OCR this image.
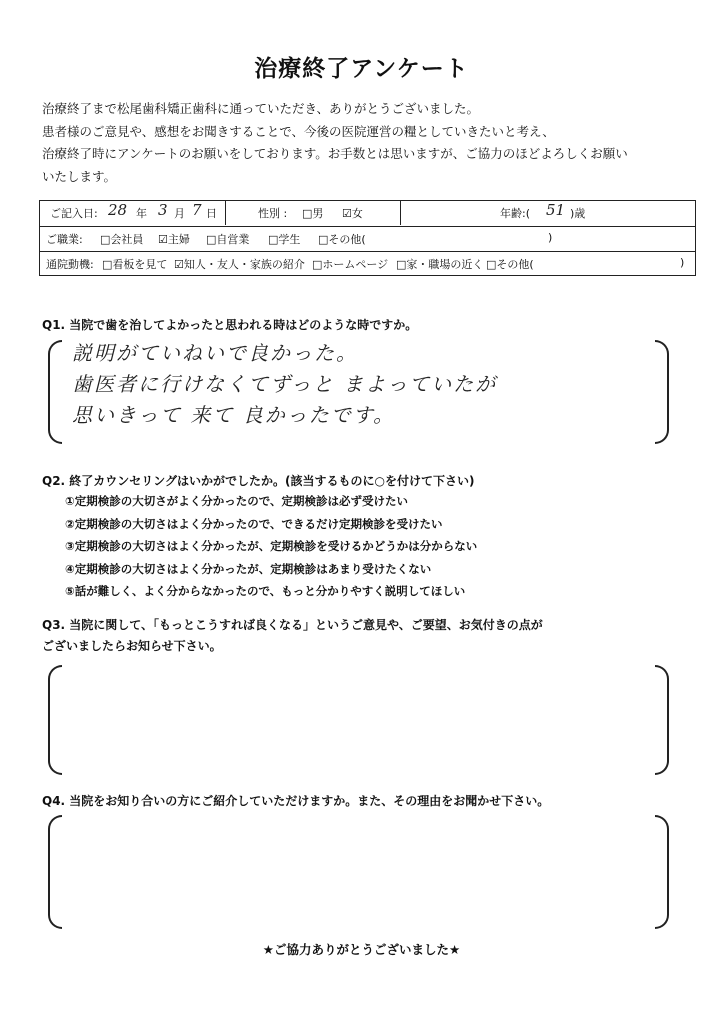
治療終了アンケート
治療終了まで松尾歯科矯正歯科に通っていただき、ありがとうございました。
患者様のご意見や、感想をお聞きすることで、今後の医院運営の糧としていきたいと考え、
治療終了時にアンケートのお願いをしております。お手数とは思いますが、ご協力のほどよろしくお願い
いたします。
ご記入日: 28 年 3 月 7 日	性別 : □男 ☑女	年齢:( 51 )歳
ご職業: □会社員 ☑主婦 □自営業 □学生 □その他(	)
通院動機: □看板を見て ☑知人・友人・家族の紹介 □ホームページ □家・職場の近く □その他(	)
Q1. 当院で歯を治してよかったと思われる時はどのような時ですか。
説明がていねいで良かった。
歯医者に行けなくてずっと まよっていたが
思いきって 来て 良かったです。
Q2. 終了カウンセリングはいかがでしたか。(該当するものに○を付けて下さい)
①定期検診の大切さがよく分かったので、定期検診は必ず受けたい
②定期検診の大切さはよく分かったので、できるだけ定期検診を受けたい
③定期検診の大切さはよく分かったが、定期検診を受けるかどうかは分からない
④定期検診の大切さはよく分かったが、定期検診はあまり受けたくない
⑤話が難しく、よく分からなかったので、もっと分かりやすく説明してほしい
Q3. 当院に関して、「もっとこうすれば良くなる」というご意見や、ご要望、お気付きの点が
ございましたらお知らせ下さい。
Q4. 当院をお知り合いの方にご紹介していただけますか。また、その理由をお聞かせ下さい。
★ご協力ありがとうございました★
